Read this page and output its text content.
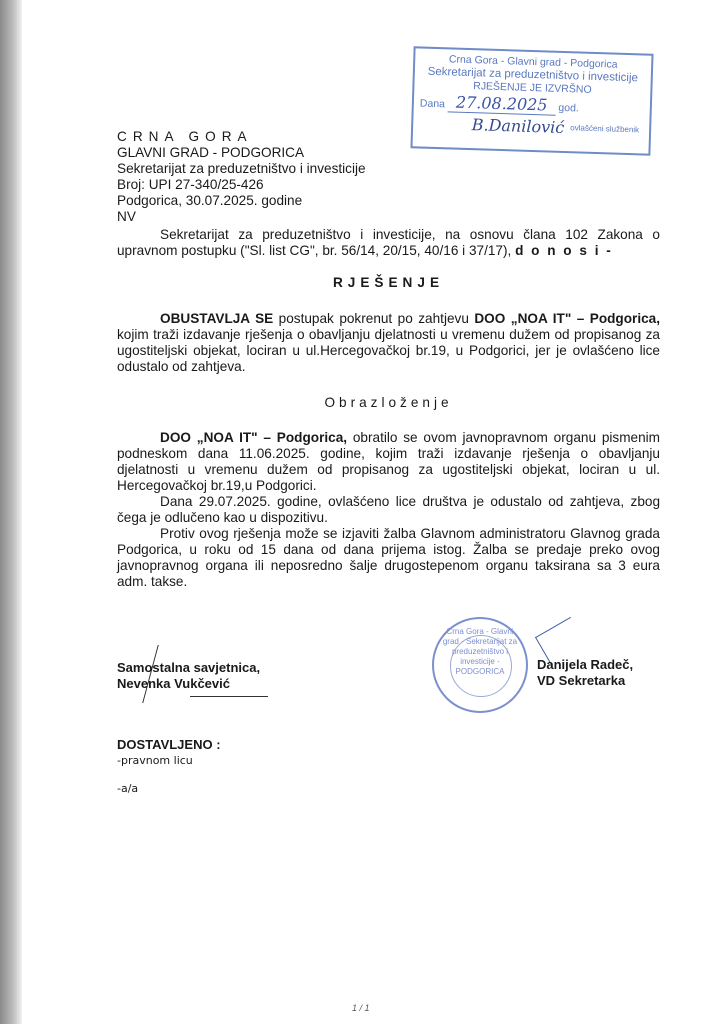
Crna Gora - Glavni grad - Podgorica
Sekretarijat za preduzetništvo i investicije
RJEŠENJE JE IZVRŠNO
Dana 27.08.2025 god.
B.Danilović ovlašćeni službenik
CRNA GORA
GLAVNI GRAD - PODGORICA
Sekretarijat za preduzetništvo i investicije
Broj: UPI 27-340/25-426
Podgorica, 30.07.2025. godine
NV
Sekretarijat za preduzetništvo i investicije, na osnovu člana 102 Zakona o upravnom postupku ("Sl. list CG", br. 56/14, 20/15, 40/16 i 37/17), d o n o s i -
RJEŠENJE
OBUSTAVLJA SE postupak pokrenut po zahtjevu DOO „NOA IT" – Podgorica, kojim traži izdavanje rješenja o obavljanju djelatnosti u vremenu dužem od propisanog za ugostiteljski objekat, lociran u ul.Hercegovačkoj br.19, u Podgorici, jer je ovlašćeno lice odustalo od zahtjeva.
Obrazloženje
DOO „NOA IT" – Podgorica, obratilo se ovom javnopravnom organu pismenim podneskom dana 11.06.2025. godine, kojim traži izdavanje rješenja o obavljanju djelatnosti u vremenu dužem od propisanog za ugostiteljski objekat, lociran u ul. Hercegovačkoj br.19,u Podgorici.
Dana 29.07.2025. godine, ovlašćeno lice društva je odustalo od zahtjeva, zbog čega je odlučeno kao u dispozitivu.
Protiv ovog rješenja može se izjaviti žalba Glavnom administratoru Glavnog grada Podgorica, u roku od 15 dana od dana prijema istog. Žalba se predaje preko ovog javnopravnog organa ili neposredno šalje drugostepenom organu taksirana sa 3 eura adm. takse.
Samostalna savjetnica,
Nevenka Vukčević
Crna Gora - Glavni grad - Sekretarijat za preduzetništvo i investicije - PODGORICA	Danijela Radeč,
VD Sekretarka
DOSTAVLJENO :
-pravnom licu
-a/a
1 / 1
